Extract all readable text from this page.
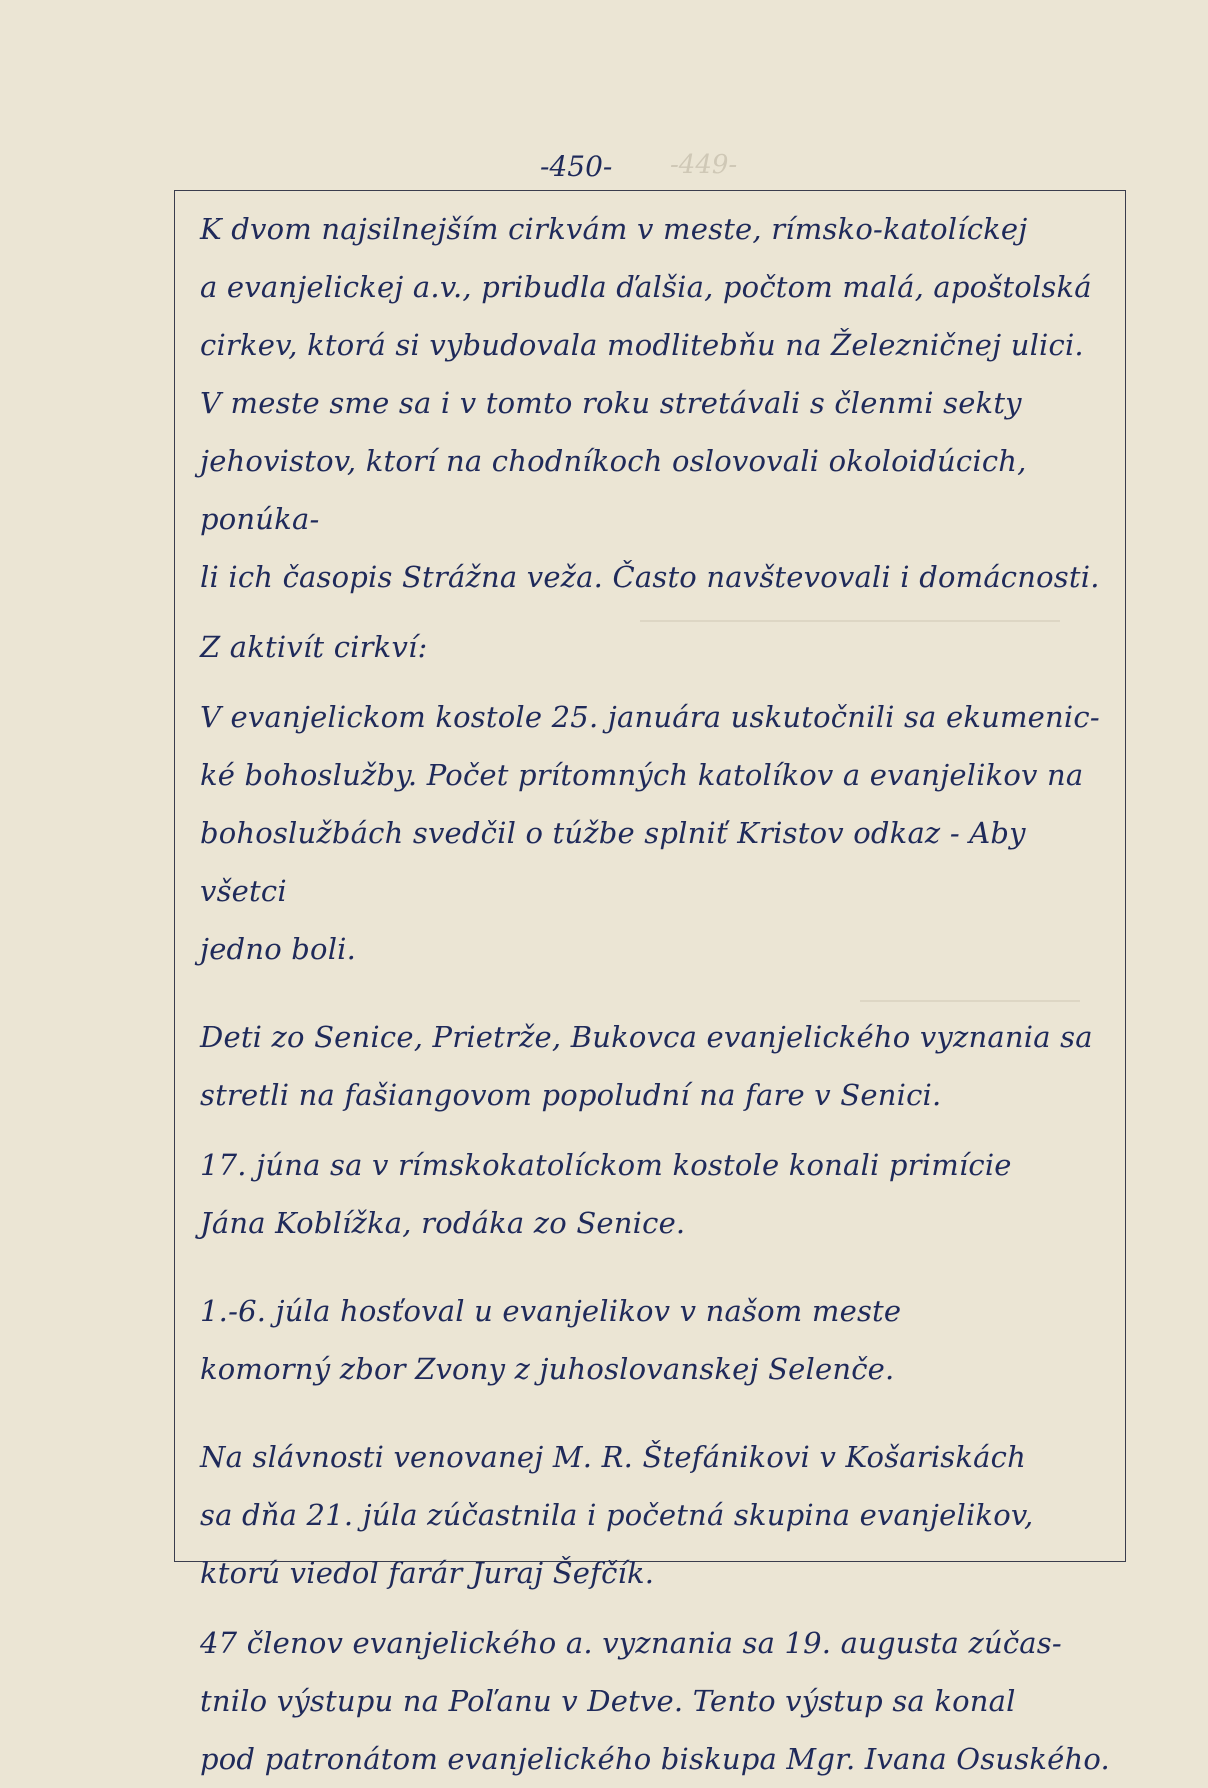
-450- -449-

K dvom najsilnejším cirkvám v meste, rímsko-katolíckej
a evanjelickej a.v., pribudla ďalšia, počtom malá, apoštolská
cirkev, ktorá si vybudovala modlitebňu na Železničnej ulici.
V meste sme sa i v tomto roku stretávali s členmi sekty
jehovistov, ktorí na chodníkoch oslovovali okoloidúcich, ponúka-
li ich časopis Strážna veža. Často navštevovali i domácnosti.

Z aktivít cirkví:

V evanjelickom kostole 25. januára uskutočnili sa ekumenic-
ké bohoslužby. Počet prítomných katolíkov a evanjelikov na
bohoslužbách svedčil o túžbe splniť Kristov odkaz - Aby všetci
jedno boli.

Deti zo Senice, Prietrže, Bukovca evanjelického vyznania sa
stretli na fašiangovom popoludní na fare v Senici.

17. júna sa v rímskokatolíckom kostole konali primície
Jána Koblížka, rodáka zo Senice.

1.-6. júla hosťoval u evanjelikov v našom meste
komorný zbor Zvony z juhoslovanskej Selenče.

Na slávnosti venovanej M. R. Štefánikovi v Košariskách
sa dňa 21. júla zúčastnila i početná skupina evanjelikov,
ktorú viedol farár Juraj Šefčík.

47 členov evanjelického a. vyznania sa 19. augusta zúčas-
tnilo výstupu na Poľanu v Detve. Tento výstup sa konal
pod patronátom evanjelického biskupa Mgr. Ivana Osuského.
